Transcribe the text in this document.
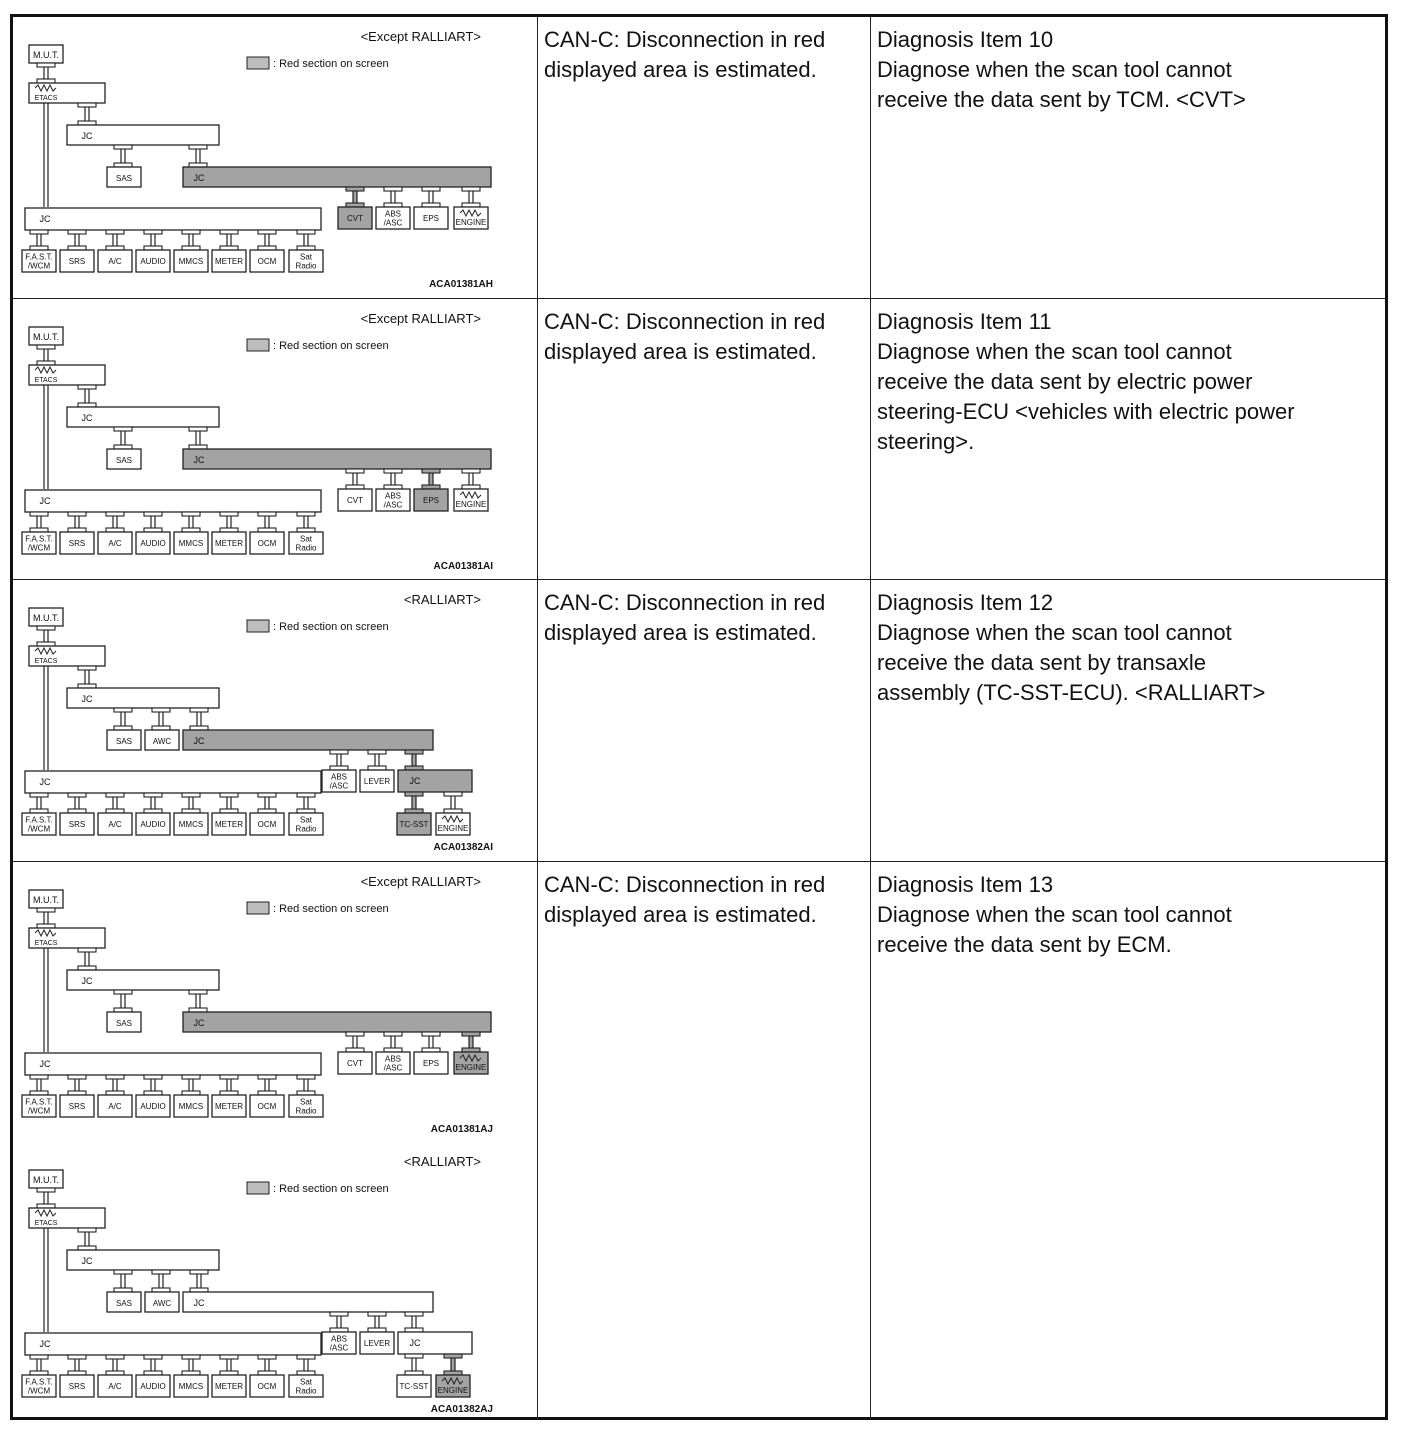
<Except RALLIART>
: Red section on screen
M.U.T.
ETACS
JC
JC
F.A.S.T. /WCM	SRS	A/C AUDIO MMCS METER OCM	Sat Radio
ACA01381AH
SAS	JC
CVT	ABS /ASC	EPS ENGINE

CAN-C: Disconnection in red
displayed area is estimated.

Diagnosis Item 10
Diagnose when the scan tool cannot
receive the data sent by TCM. <CVT>

<Except RALLIART>
: Red section on screen
M.U.T.
ETACS
JC
JC
F.A.S.T. /WCM	SRS	A/C AUDIO MMCS METER OCM	Sat Radio
ACA01381AI
SAS	JC
CVT	ABS /ASC	EPS ENGINE

CAN-C: Disconnection in red
displayed area is estimated.

Diagnosis Item 11
Diagnose when the scan tool cannot
receive the data sent by electric power
steering-ECU <vehicles with electric power
steering>.

<RALLIART>
: Red section on screen
M.U.T.
ETACS
JC
JC
F.A.S.T. /WCM	SRS	A/C AUDIO MMCS METER OCM	Sat Radio
ACA01382AI
SAS	AWC JC
ABS /ASC LEVER JC
TC-SST ENGINE

CAN-C: Disconnection in red
displayed area is estimated.

Diagnosis Item 12
Diagnose when the scan tool cannot
receive the data sent by transaxle
assembly (TC-SST-ECU). <RALLIART>

<Except RALLIART>
: Red section on screen
M.U.T.
ETACS
JC
JC
F.A.S.T. /WCM	SRS	A/C AUDIO MMCS METER OCM	Sat Radio
ACA01381AJ
SAS	JC
CVT	ABS /ASC	EPS ENGINE
<RALLIART>
: Red section on screen
M.U.T.
ETACS
JC
JC
F.A.S.T. /WCM	SRS	A/C AUDIO MMCS METER OCM	Sat Radio
ACA01382AJ
SAS	AWC JC
ABS /ASC LEVER JC
TC-SST ENGINE

CAN-C: Disconnection in red
displayed area is estimated.

Diagnosis Item 13
Diagnose when the scan tool cannot
receive the data sent by ECM.
